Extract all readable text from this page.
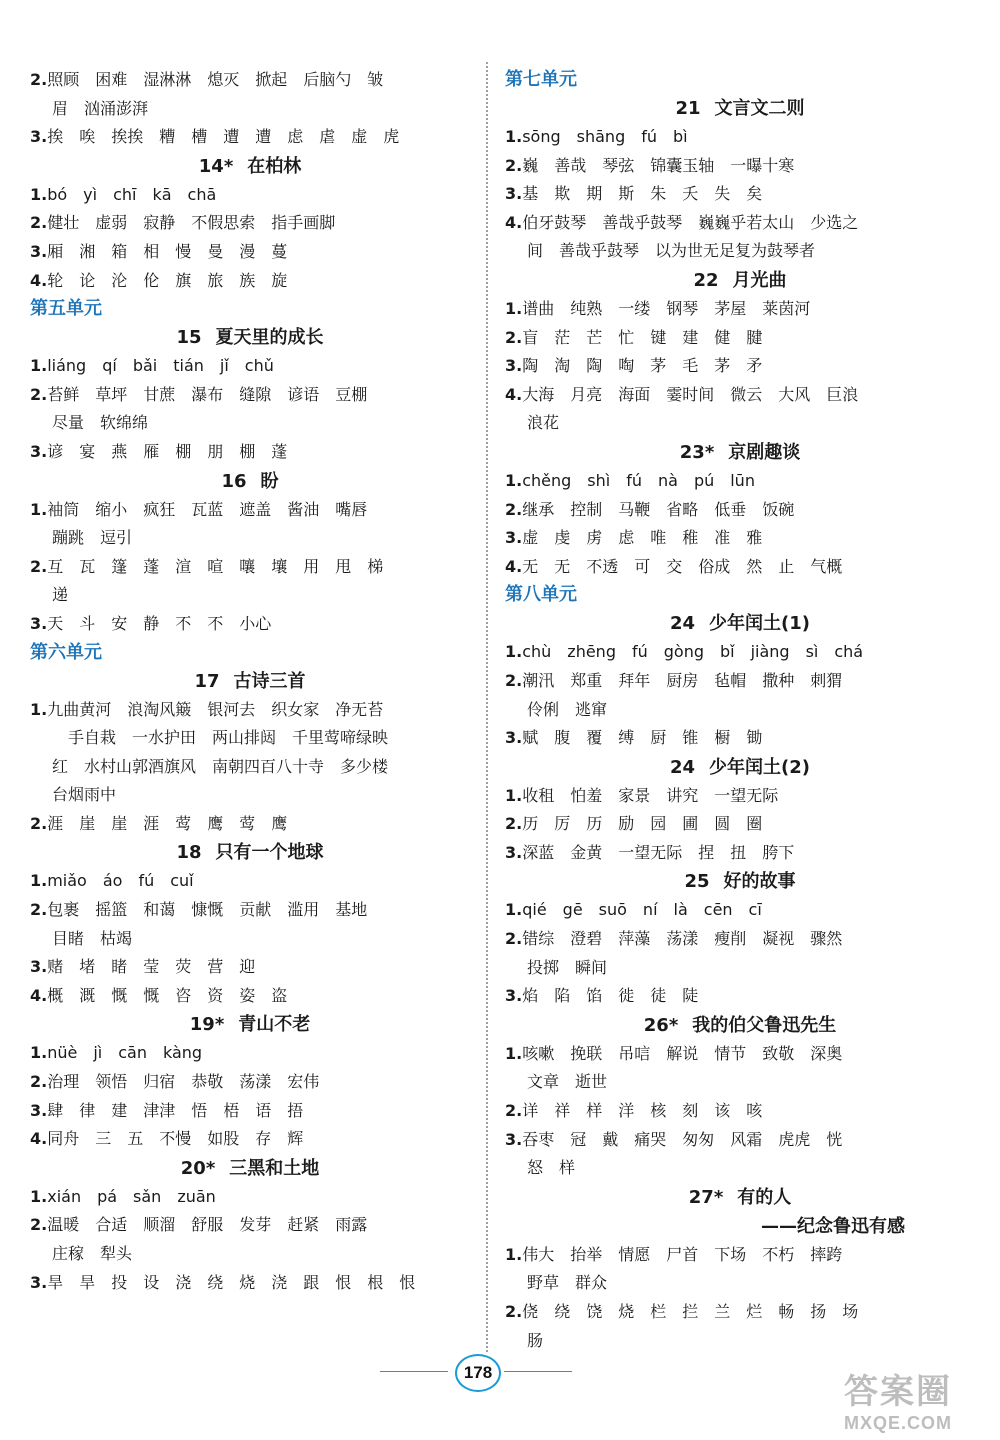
2.照顾　困难　湿淋淋　熄灭　掀起　后脑勺　皱
眉　汹涌澎湃
3.挨　唉　挨挨　糟　槽　遭　遭　虑　虐　虚　虎
14* 在柏林
1.bó　yì　chī　kā　chā
2.健壮　虚弱　寂静　不假思索　指手画脚
3.厢　湘　箱　相　慢　曼　漫　蔓
4.轮　论　沦　伦　旗　旅　族　旋
第五单元
15 夏天里的成长
1.liáng　qí　bǎi　tián　jǐ　chǔ
2.苔鲜　草坪　甘蔗　瀑布　缝隙　谚语　豆棚
尽量　软绵绵
3.谚　宴　燕　雁　棚　朋　棚　蓬
16 盼
1.袖筒　缩小　疯狂　瓦蓝　遮盖　酱油　嘴唇
蹦跳　逗引
2.互　瓦　篷　蓬　渲　喧　嚷　壤　用　甩　梯
递
3.天　斗　安　静　不　不　小心
第六单元
17 古诗三首
1.九曲黄河　浪淘风簸　银河去　织女家　净无苔
　手自栽　一水护田　两山排闼　千里莺啼绿映
红　水村山郭酒旗风　南朝四百八十寺　多少楼
台烟雨中
2.涯　崖　崖　涯　莺　鹰　莺　鹰
18 只有一个地球
1.miǎo　áo　fú　cuǐ
2.包裹　摇篮　和蔼　慷慨　贡献　滥用　基地
目睹　枯竭
3.赌　堵　睹　莹　荧　营　迎
4.概　溉　慨　慨　咨　资　姿　盗
19* 青山不老
1.nüè　jì　cān　kàng
2.治理　领悟　归宿　恭敬　荡漾　宏伟
3.肆　律　建　津津　悟　梧　语　捂
4.同舟　三　五　不慢　如股　存　辉
20* 三黑和土地
1.xián　pá　sǎn　zuān
2.温暖　合适　顺溜　舒服　发芽　赶紧　雨露
庄稼　犁头
3.旱　旱　投　设　浇　绕　烧　浇　跟　恨　根　恨
第七单元
21 文言文二则
1.sōng　shāng　fú　bì
2.巍　善哉　琴弦　锦囊玉轴　一曝十寒
3.基　欺　期　斯　朱　夭　失　矣
4.伯牙鼓琴　善哉乎鼓琴　巍巍乎若太山　少选之
间　善哉乎鼓琴　以为世无足复为鼓琴者
22 月光曲
1.谱曲　纯熟　一缕　钢琴　茅屋　莱茵河
2.盲　茫　芒　忙　键　建　健　腱
3.陶　淘　陶　啕　茅　毛　茅　矛
4.大海　月亮　海面　霎时间　微云　大风　巨浪
浪花
23* 京剧趣谈
1.chěng　shì　fú　nà　pú　lūn
2.继承　控制　马鞭　省略　低垂　饭碗
3.虚　虔　虏　虑　唯　稚　准　雅
4.无　无　不透　可　交　俗成　然　止　气概
第八单元
24 少年闰土(1)
1.chù　zhēng　fú　gòng　bǐ　jiàng　sì　chá
2.潮汛　郑重　拜年　厨房　毡帽　撒种　刺猬
伶俐　逃窜
3.赋　腹　覆　缚　厨　锥　橱　锄
24 少年闰土(2)
1.收租　怕羞　家景　讲究　一望无际
2.历　厉　历　励　园　圃　圆　圈
3.深蓝　金黄　一望无际　捏　扭　胯下
25 好的故事
1.qié　gē　suō　ní　là　cēn　cī
2.错综　澄碧　萍藻　荡漾　瘦削　凝视　骤然
投掷　瞬间
3.焰　陷　馅　徙　徒　陡
26* 我的伯父鲁迅先生
1.咳嗽　挽联　吊唁　解说　情节　致敬　深奥
文章　逝世
2.详　祥　样　洋　核　刻　该　咳
3.吞枣　冠　戴　痛哭　匆匆　风霜　虎虎　恍
怒　样
27* 有的人
——纪念鲁迅有感
1.伟大　抬举　情愿　尸首　下场　不朽　摔跨
野草　群众
2.侥　绕　饶　烧　栏　拦　兰　烂　畅　扬　场
肠
178
答案圈
MXQE.COM
